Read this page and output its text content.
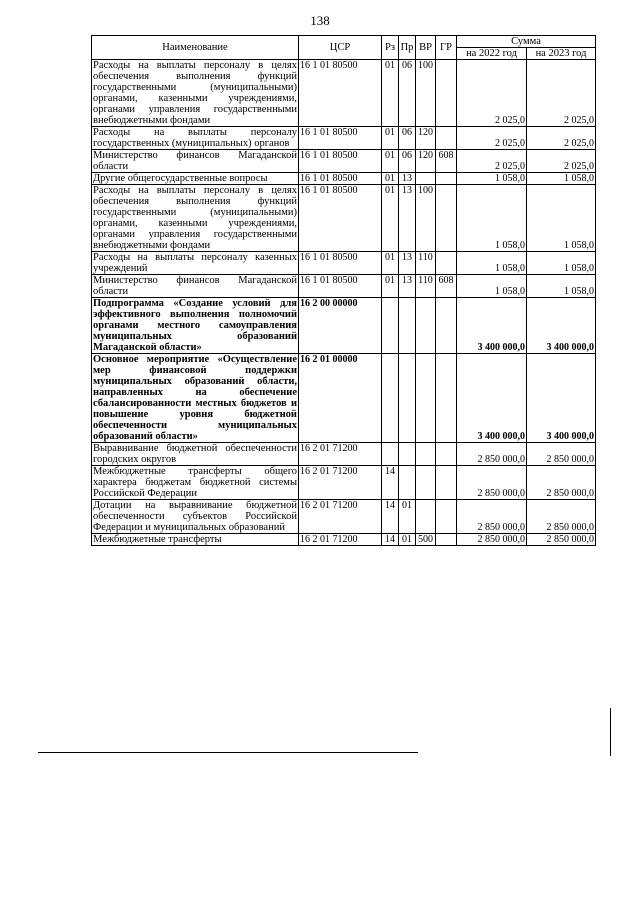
138
Наименование	ЦСР	Рз	Пр	ВР	ГР	Сумма	
						на 2022 год	на 2023 год
Расходы на выплаты персоналу в целях обеспечения выполнения функций государственными (муниципальными) органами, казенными учреждениями, органами управления государственными внебюджетными фондами	16 1 01 80500	01	06	100		2 025,0	2 025,0
Расходы на выплаты персоналу государственных (муниципальных) органов	16 1 01 80500	01	06	120		2 025,0	2 025,0
Министерство финансов Магаданской области	16 1 01 80500	01	06	120	608	2 025,0	2 025,0
Другие общегосударственные вопросы	16 1 01 80500	01	13			1 058,0	1 058,0
Расходы на выплаты персоналу в целях обеспечения выполнения функций государственными (муниципальными) органами, казенными учреждениями, органами управления государственными внебюджетными фондами	16 1 01 80500	01	13	100		1 058,0	1 058,0
Расходы на выплаты персоналу казенных учреждений	16 1 01 80500	01	13	110		1 058,0	1 058,0
Министерство финансов Магаданской области	16 1 01 80500	01	13	110	608	1 058,0	1 058,0
Подпрограмма «Создание условий для эффективного выполнения полномочий органами местного самоуправления муниципальных образований Магаданской области»	16 2 00 00000					3 400 000,0	3 400 000,0
Основное мероприятие «Осуществление мер финансовой поддержки муниципальных образований области, направленных на обеспечение сбалансированности местных бюджетов и повышение уровня бюджетной обеспеченности муниципальных образований области»	16 2 01 00000					3 400 000,0	3 400 000,0
Выравнивание бюджетной обеспеченности городских округов	16 2 01 71200					2 850 000,0	2 850 000,0
Межбюджетные трансферты общего характера бюджетам бюджетной системы Российской Федерации	16 2 01 71200	14				2 850 000,0	2 850 000,0
Дотации на выравнивание бюджетной обеспеченности субъектов Российской Федерации и муниципальных образований	16 2 01 71200	14	01			2 850 000,0	2 850 000,0
Межбюджетные трансферты	16 2 01 71200	14	01	500		2 850 000,0	2 850 000,0
